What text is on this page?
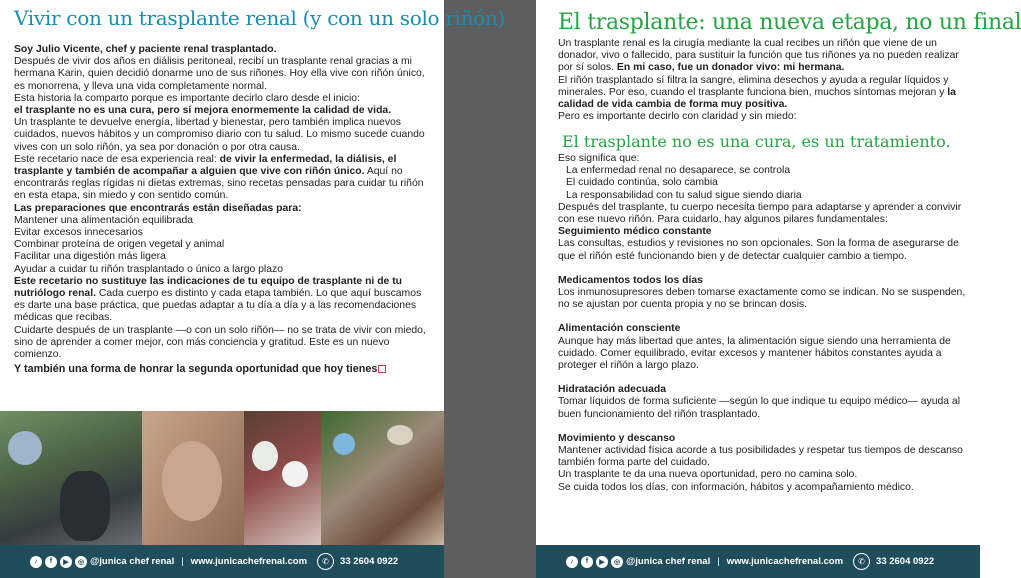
Vivir con un trasplante renal (y con un solo riñón)

Soy Julio Vicente, chef y paciente renal trasplantado.

Después de vivir dos años en diálisis peritoneal, recibí un trasplante renal gracias a mi hermana Karin, quien decidió donarme uno de sus riñones. Hoy ella vive con riñón único, es monorrena, y lleva una vida completamente normal.

Esta historia la comparto porque es importante decirlo claro desde el inicio:
el trasplante no es una cura, pero sí mejora enormemente la calidad de vida.

Un trasplante te devuelve energía, libertad y bienestar, pero también implica nuevos cuidados, nuevos hábitos y un compromiso diario con tu salud. Lo mismo sucede cuando vives con un solo riñón, ya sea por donación o por otra causa.

Este recetario nace de esa experiencia real: de vivir la enfermedad, la diálisis, el trasplante y también de acompañar a alguien que vive con riñón único. Aquí no encontrarás reglas rígidas ni dietas extremas, sino recetas pensadas para cuidar tu riñón en esta etapa, sin miedo y con sentido común.

Las preparaciones que encontrarás están diseñadas para:

Mantener una alimentación equilibrada

Evitar excesos innecesarios

Combinar proteína de origen vegetal y animal

Facilitar una digestión más ligera

Ayudar a cuidar tu riñón trasplantado o único a largo plazo

Este recetario no sustituye las indicaciones de tu equipo de trasplante ni de tu nutriólogo renal. Cada cuerpo es distinto y cada etapa también. Lo que aquí buscamos es darte una base práctica, que puedas adaptar a tu día a día y a las recomendaciones médicas que recibas.

Cuidarte después de un trasplante —o con un solo riñón— no se trata de vivir con miedo, sino de aprender a comer mejor, con más conciencia y gratitud. Este es un nuevo comienzo.

Y también una forma de honrar la segunda oportunidad que hoy tienes

♪	f	▶	◎ @junica chef renal | www.junicachefrenal.com	✆	33 2604 0922
El trasplante: una nueva etapa, no un final

Un trasplante renal es la cirugía mediante la cual recibes un riñón que viene de un donador, vivo o fallecido, para sustituir la función que tus riñones ya no pueden realizar por sí solos. En mi caso, fue un donador vivo: mi hermana.

El riñón trasplantado sí filtra la sangre, elimina desechos y ayuda a regular líquidos y minerales. Por eso, cuando el trasplante funciona bien, muchos síntomas mejoran y la calidad de vida cambia de forma muy positiva.

Pero es importante decirlo con claridad y sin miedo:

El trasplante no es una cura, es un tratamiento.

Eso significa que:

La enfermedad renal no desaparece, se controla

El cuidado continúa, solo cambia

La responsabilidad con tu salud sigue siendo diaria

Después del trasplante, tu cuerpo necesita tiempo para adaptarse y aprender a convivir con ese nuevo riñón. Para cuidarlo, hay algunos pilares fundamentales:

Seguimiento médico constante

Las consultas, estudios y revisiones no son opcionales. Son la forma de asegurarse de que el riñón esté funcionando bien y de detectar cualquier cambio a tiempo.

Medicamentos todos los días

Los inmunosupresores deben tomarse exactamente como se indican. No se suspenden, no se ajustan por cuenta propia y no se brincan dosis.

Alimentación consciente

Aunque hay más libertad que antes, la alimentación sigue siendo una herramienta de cuidado. Comer equilibrado, evitar excesos y mantener hábitos constantes ayuda a proteger el riñón a largo plazo.

Hidratación adecuada

Tomar líquidos de forma suficiente —según lo que indique tu equipo médico— ayuda al buen funcionamiento del riñón trasplantado.

Movimiento y descanso

Mantener actividad física acorde a tus posibilidades y respetar tus tiempos de descanso también forma parte del cuidado.

Un trasplante te da una nueva oportunidad, pero no camina solo.

Se cuida todos los días, con información, hábitos y acompañamiento médico.

♪	f	▶	◎ @junica chef renal | www.junicachefrenal.com	✆	33 2604 0922
